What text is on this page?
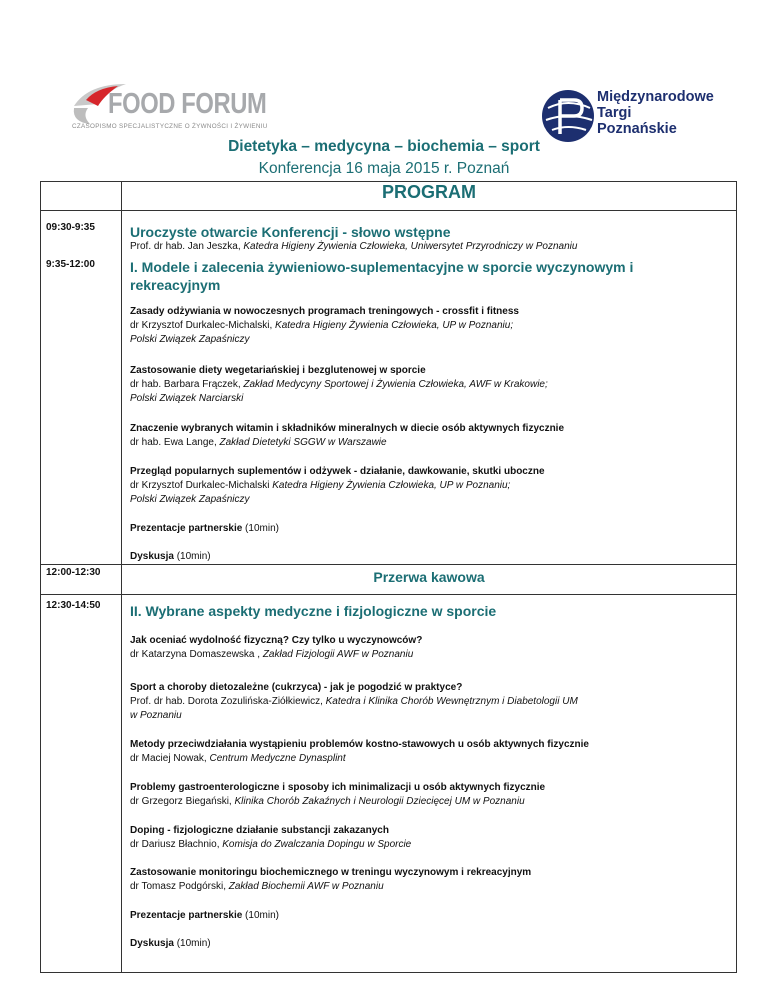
FOOD FORUM
CZASOPISMO SPECJALISTYCZNE O ŻYWNOŚCI I ŻYWIENIU
Międzynarodowe
Targi
Poznańskie
Dietetyka – medycyna – biochemia – sport
Konferencja 16 maja 2015 r. Poznań
PROGRAM
09:30-9:35
9:35-12:00
12:00-12:30
12:30-14:50
Uroczyste otwarcie Konferencji - słowo wstępne
Prof. dr hab. Jan Jeszka, Katedra Higieny Żywienia Człowieka, Uniwersytet Przyrodniczy w Poznaniu
I. Modele i zalecenia żywieniowo-suplementacyjne w sporcie wyczynowym i rekreacyjnym
Zasady odżywiania w nowoczesnych programach treningowych - crossfit i fitness
dr Krzysztof Durkalec-Michalski, Katedra Higieny Żywienia Człowieka, UP w Poznaniu;
Polski Związek Zapaśniczy
Zastosowanie diety wegetariańskiej i bezglutenowej w sporcie
dr hab. Barbara Frączek, Zakład Medycyny Sportowej i Żywienia Człowieka, AWF w Krakowie;
Polski Związek Narciarski
Znaczenie wybranych witamin i składników mineralnych w diecie osób aktywnych fizycznie
dr hab. Ewa Lange, Zakład Dietetyki SGGW w Warszawie
Przegląd popularnych suplementów i odżywek - działanie, dawkowanie, skutki uboczne
dr Krzysztof Durkalec-Michalski Katedra Higieny Żywienia Człowieka, UP w Poznaniu;
Polski Związek Zapaśniczy
Prezentacje partnerskie (10min)
Dyskusja (10min)
Przerwa kawowa
II. Wybrane aspekty medyczne i fizjologiczne w sporcie
Jak oceniać wydolność fizyczną? Czy tylko u wyczynowców?
dr Katarzyna Domaszewska , Zakład Fizjologii AWF w Poznaniu
Sport a choroby dietozależne (cukrzyca) - jak je pogodzić w praktyce?
Prof. dr hab. Dorota Zozulińska-Ziółkiewicz, Katedra i Klinika Chorób Wewnętrznym i Diabetologii UM
w Poznaniu
Metody przeciwdziałania wystąpieniu problemów kostno-stawowych u osób aktywnych fizycznie
dr Maciej Nowak, Centrum Medyczne Dynasplint
Problemy gastroenterologiczne i sposoby ich minimalizacji u osób aktywnych fizycznie
dr Grzegorz Biegański, Klinika Chorób Zakaźnych i Neurologii Dziecięcej UM w Poznaniu
Doping - fizjologiczne działanie substancji zakazanych
dr Dariusz Błachnio, Komisja do Zwalczania Dopingu w Sporcie
Zastosowanie monitoringu biochemicznego w treningu wyczynowym i rekreacyjnym
dr Tomasz Podgórski, Zakład Biochemii AWF w Poznaniu
Prezentacje partnerskie (10min)
Dyskusja (10min)
